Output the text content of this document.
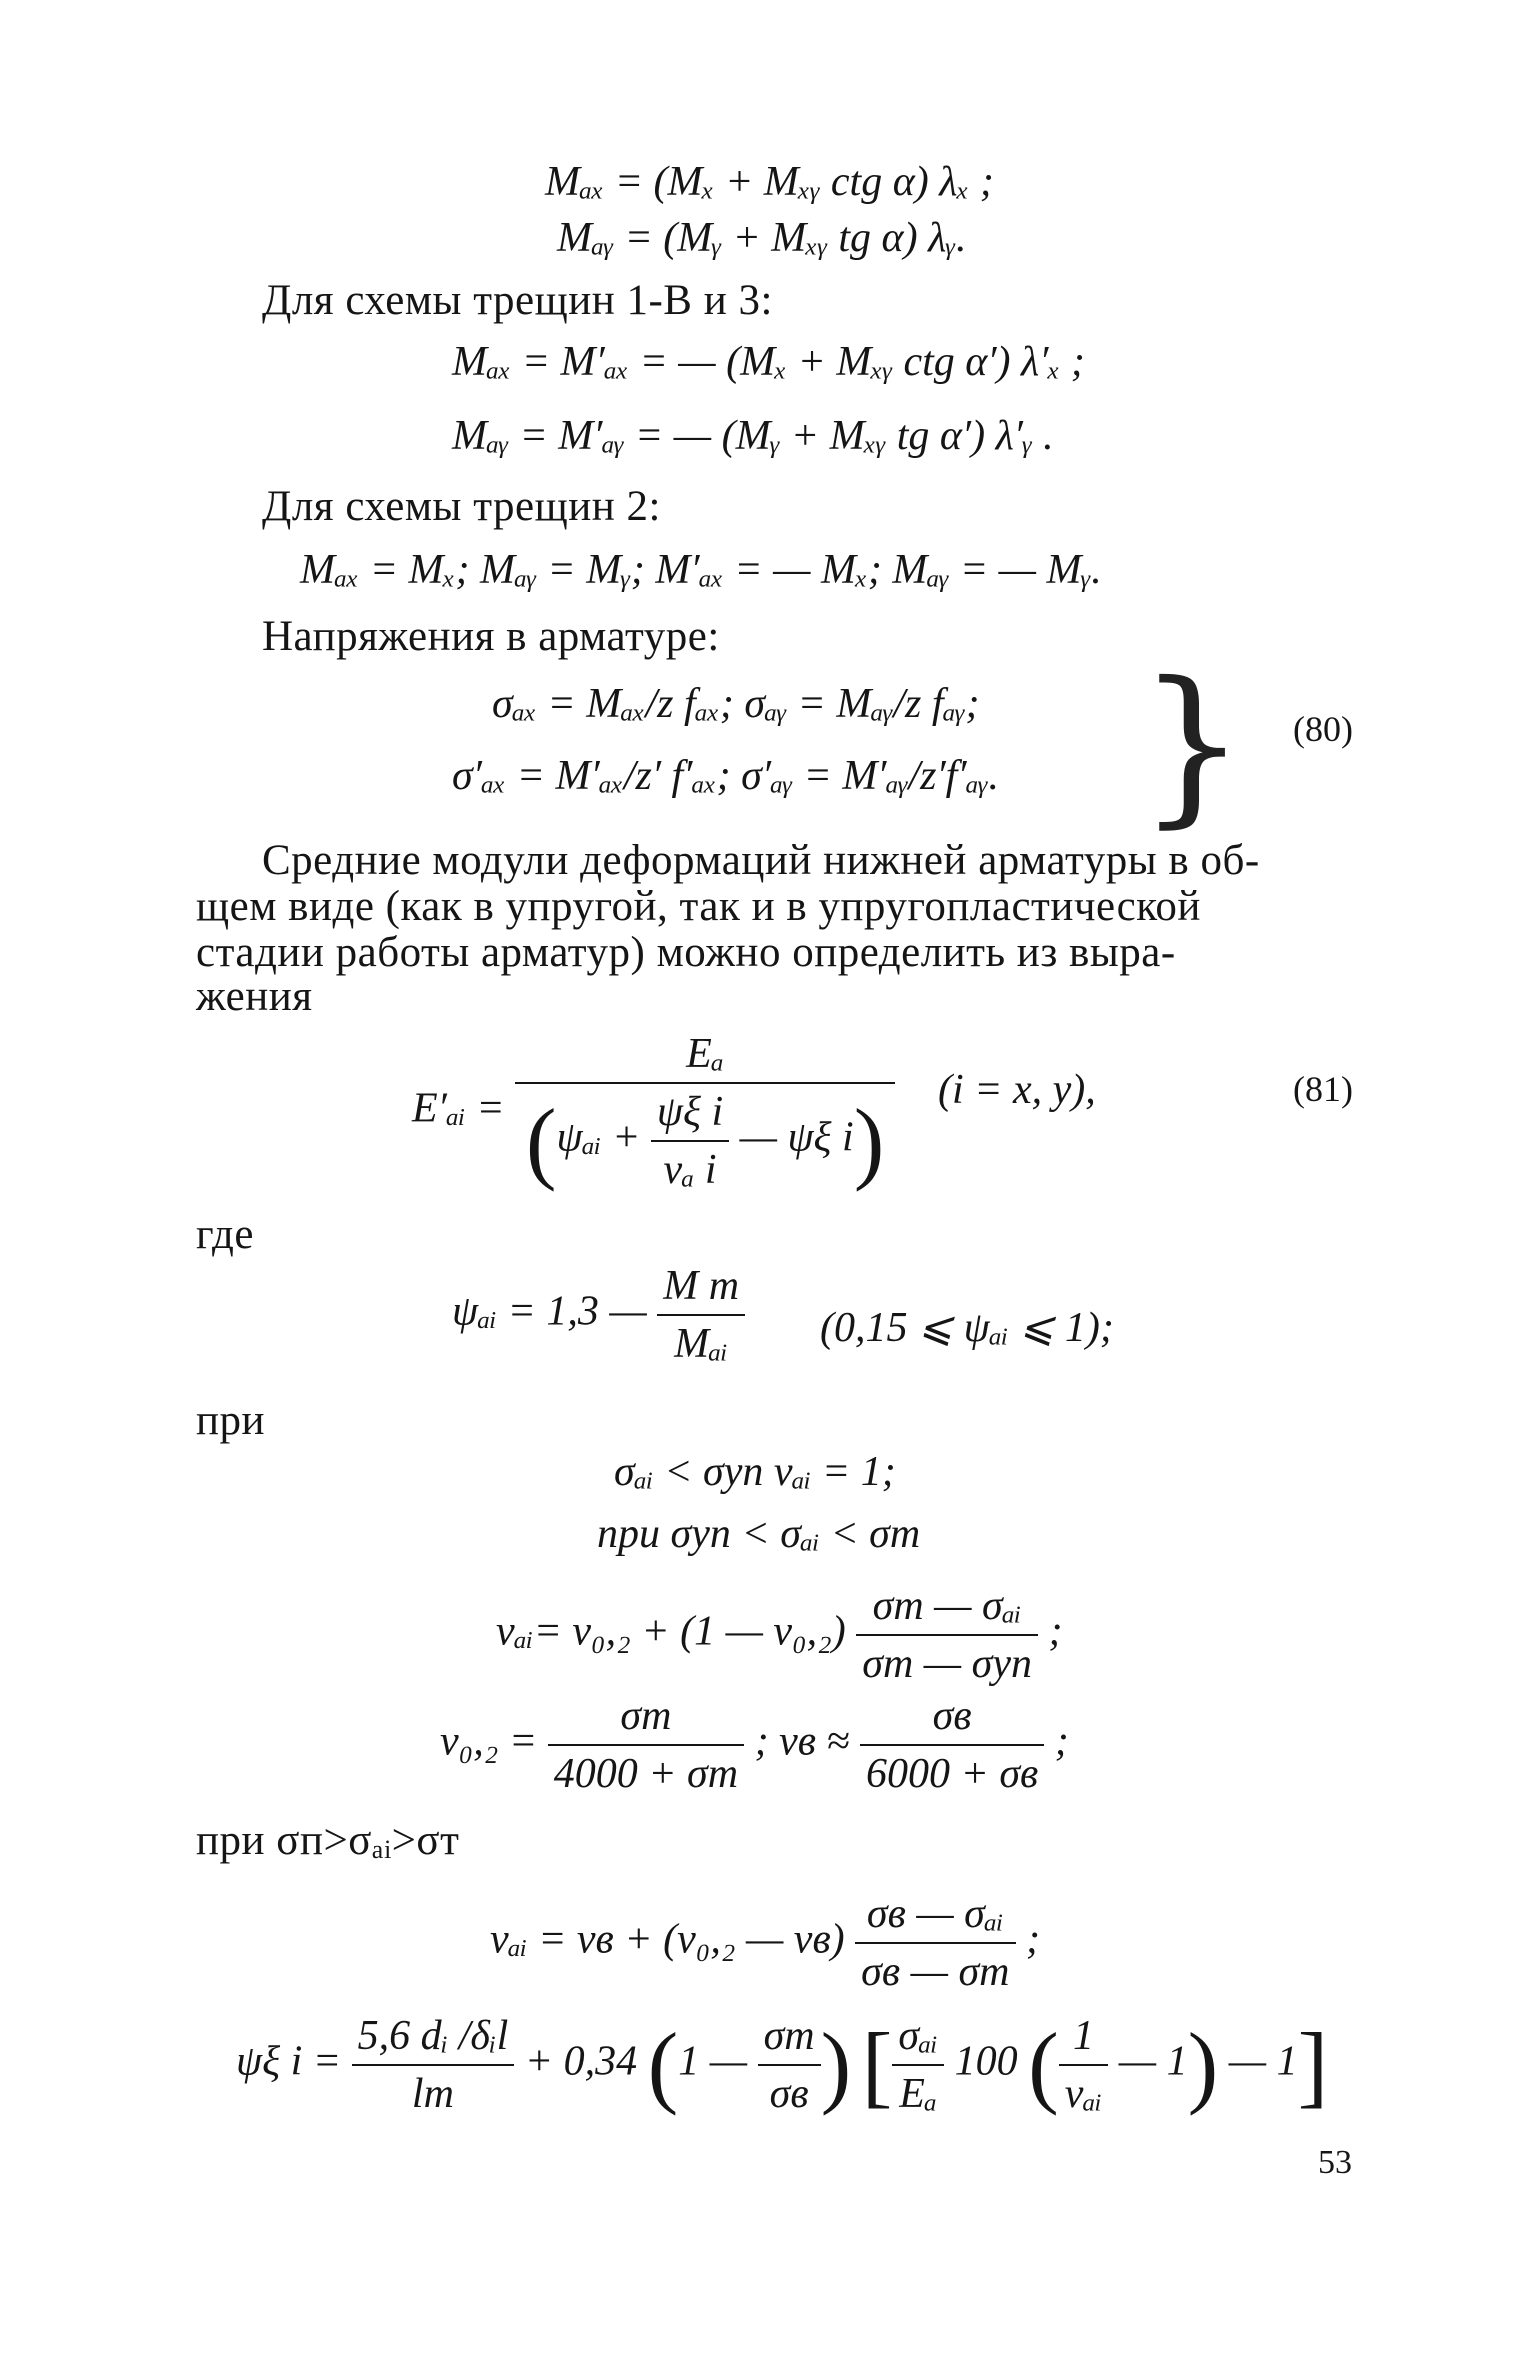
Mₐₓ = (Mₓ + Mₓᵧ ctg α) λₓ ;
Mₐᵧ = (Mᵧ + Mₓᵧ tg α) λᵧ.
Для схемы трещин 1-В и 3:
Mₐₓ = M′ₐₓ = — (Mₓ + Mₓᵧ ctg α′) λ′ₓ ;
Mₐᵧ = M′ₐᵧ = — (Mᵧ + Mₓᵧ tg α′) λ′ᵧ .
Для схемы трещин 2:
Mₐₓ = Mₓ; Mₐᵧ = Mᵧ; M′ₐₓ = — Mₓ; Mₐᵧ = — Mᵧ.
Напряжения в арматуре:
σₐₓ = Mₐₓ/z fₐₓ; σₐᵧ = Mₐᵧ/z fₐᵧ;
σ′ₐₓ = M′ₐₓ/z′ f′ₐₓ; σ′ₐᵧ = M′ₐᵧ/z′f′ₐᵧ. } (80)
Средние модули деформаций нижней арматуры в об-
щем виде (как в упругой, так и в упругопластической
стадии работы арматур) можно определить из выра-
жения
E′ₐᵢ =
Eₐ
(ψₐᵢ + $\frac{\text{ψξ i}}{\text{νₐ i}}$ — ψξ i) (i = x, y),	(81)
где
ψₐᵢ = 1,3 — $\frac{\text{M т}}{\text{Mₐᵢ}} (0,15$ ⩽ ψₐᵢ ⩽ 1);
при
σₐᵢ < σуп νₐᵢ = 1;
при σуп < σₐᵢ < σт
νₐᵢ= ν₀,₂ + (1 — $\nu_0,_2) \frac{\text{σт — σₐᵢ}}{\text{σт — σуп}}$ ;
$\nu_0,_2 = \frac{\sigma т}{4000 + \sigma т}$ ; $\nu в \approx \frac{\sigma в}{6000 + \sigma в}$ ;
при σп>σₐᵢ>σт
νₐᵢ = νв + (ν₀,₂ — $\nu в) \frac{\text{σв — σₐᵢ}}{\sigma в — \sigma т}$ ;
ψξ $i = \frac{\text{5,6 dᵢ /δᵢl}}{lт} + 0,34$ (1 — $\frac{\sigma т}{\sigma в}$ ) [ $\frac{\text{σₐᵢ}}{\text{Eₐ}} 100$ ( $\frac{1}{\text{νₐᵢ}}$ — 1) — 1]
53
